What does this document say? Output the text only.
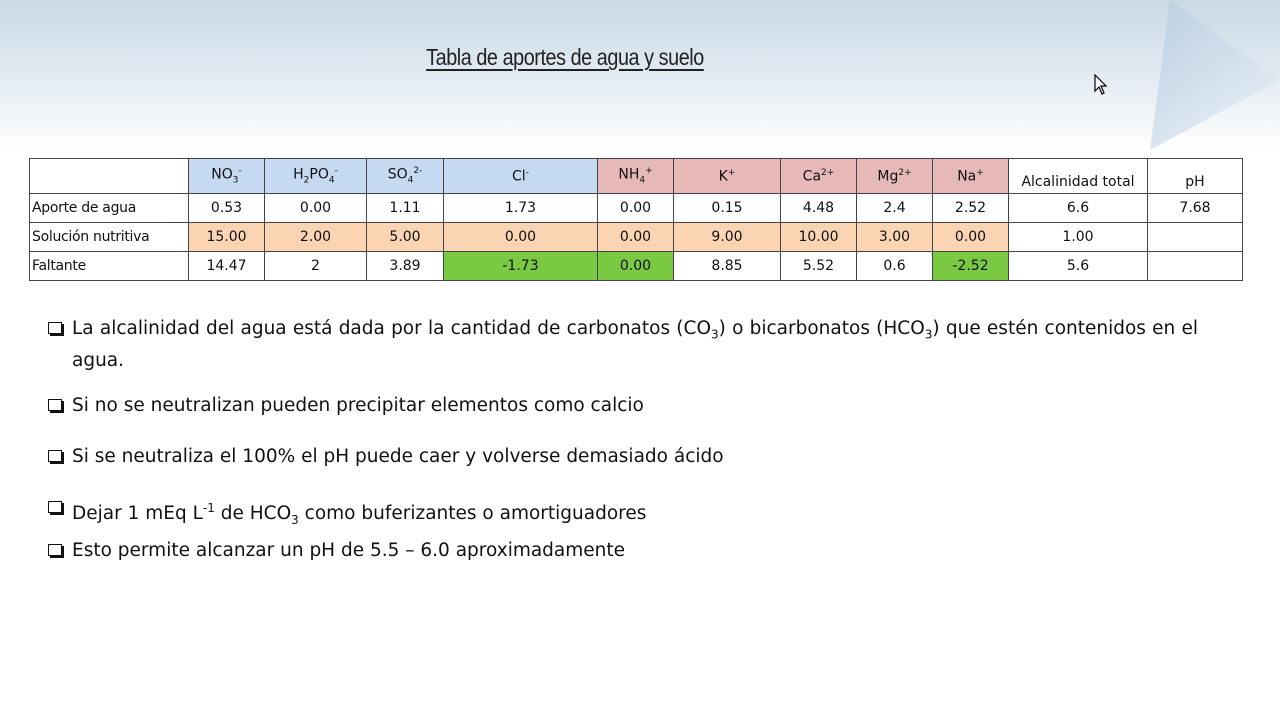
Tabla de aportes de agua y suelo
	$NO_3^-$	$H_2PO_4^-$	$SO_4^{2-}$	Cl-	$NH_4^+$	K+	$Ca^{2+}$	$Mg^{2+}$	Na+	Alcalinidad total	pH
Aporte de agua	0.53	0.00	1.11	1.73	0.00	0.15	4.48	2.4	2.52	6.6	7.68
Solución nutritiva	15.00	2.00	5.00	0.00	0.00	9.00	10.00	3.00	0.00	1.00	
Faltante	14.47	2	3.89	-1.73	0.00	8.85	5.52	0.6	-2.52	5.6	
La alcalinidad del agua está dada por la cantidad de carbonatos $(CO_3)$ o bicarbonatos $(HCO_3)$ que estén contenidos en el agua.
Si no se neutralizan pueden precipitar elementos como calcio
Si se neutraliza el 100% el pH puede caer y volverse demasiado ácido
Dejar 1 mEq $L^{-1}$ de $HCO_3$ como buferizantes o amortiguadores
Esto permite alcanzar un pH de 5.5 – 6.0 aproximadamente
